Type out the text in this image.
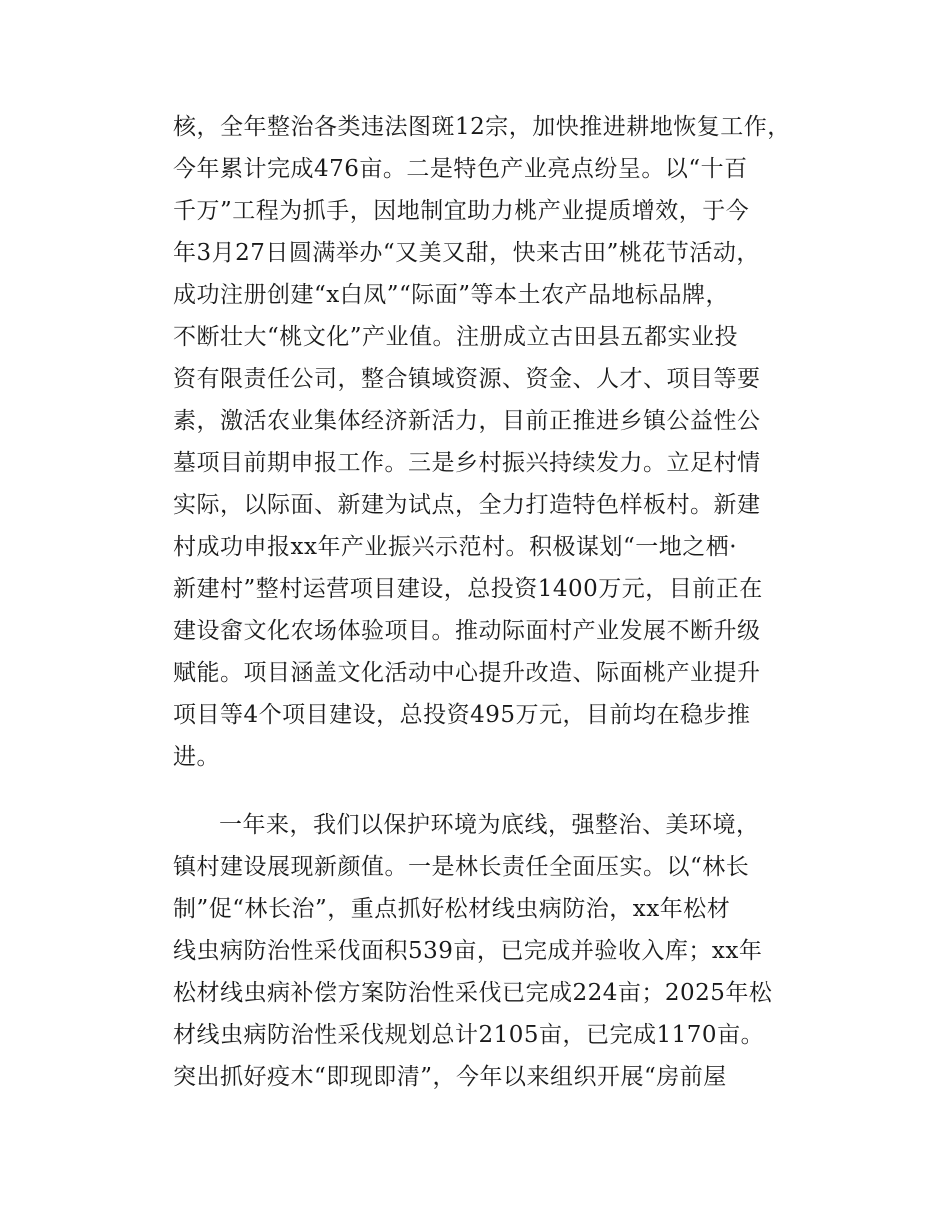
核，全年整治各类违法图斑12宗，加快推进耕地恢复工作，
今年累计完成476亩。二是特色产业亮点纷呈。以“十百
千万”工程为抓手，因地制宜助力桃产业提质增效，于今
年3月27日圆满举办“又美又甜，快来古田”桃花节活动，
成功注册创建“x白凤”“际面”等本土农产品地标品牌，
不断壮大“桃文化”产业值。注册成立古田县五都实业投
资有限责任公司，整合镇域资源、资金、人才、项目等要
素，激活农业集体经济新活力，目前正推进乡镇公益性公
墓项目前期申报工作。三是乡村振兴持续发力。立足村情
实际，以际面、新建为试点，全力打造特色样板村。新建
村成功申报xx年产业振兴示范村。积极谋划“一地之栖·
新建村”整村运营项目建设，总投资1400万元，目前正在
建设畲文化农场体验项目。推动际面村产业发展不断升级
赋能。项目涵盖文化活动中心提升改造、际面桃产业提升
项目等4个项目建设，总投资495万元，目前均在稳步推
进。
一年来，我们以保护环境为底线，强整治、美环境，
镇村建设展现新颜值。一是林长责任全面压实。以“林长
制”促“林长治”，重点抓好松材线虫病防治，xx年松材
线虫病防治性采伐面积539亩，已完成并验收入库；xx年
松材线虫病补偿方案防治性采伐已完成224亩；2025年松
材线虫病防治性采伐规划总计2105亩，已完成1170亩。
突出抓好疫木“即现即清”，今年以来组织开展“房前屋
